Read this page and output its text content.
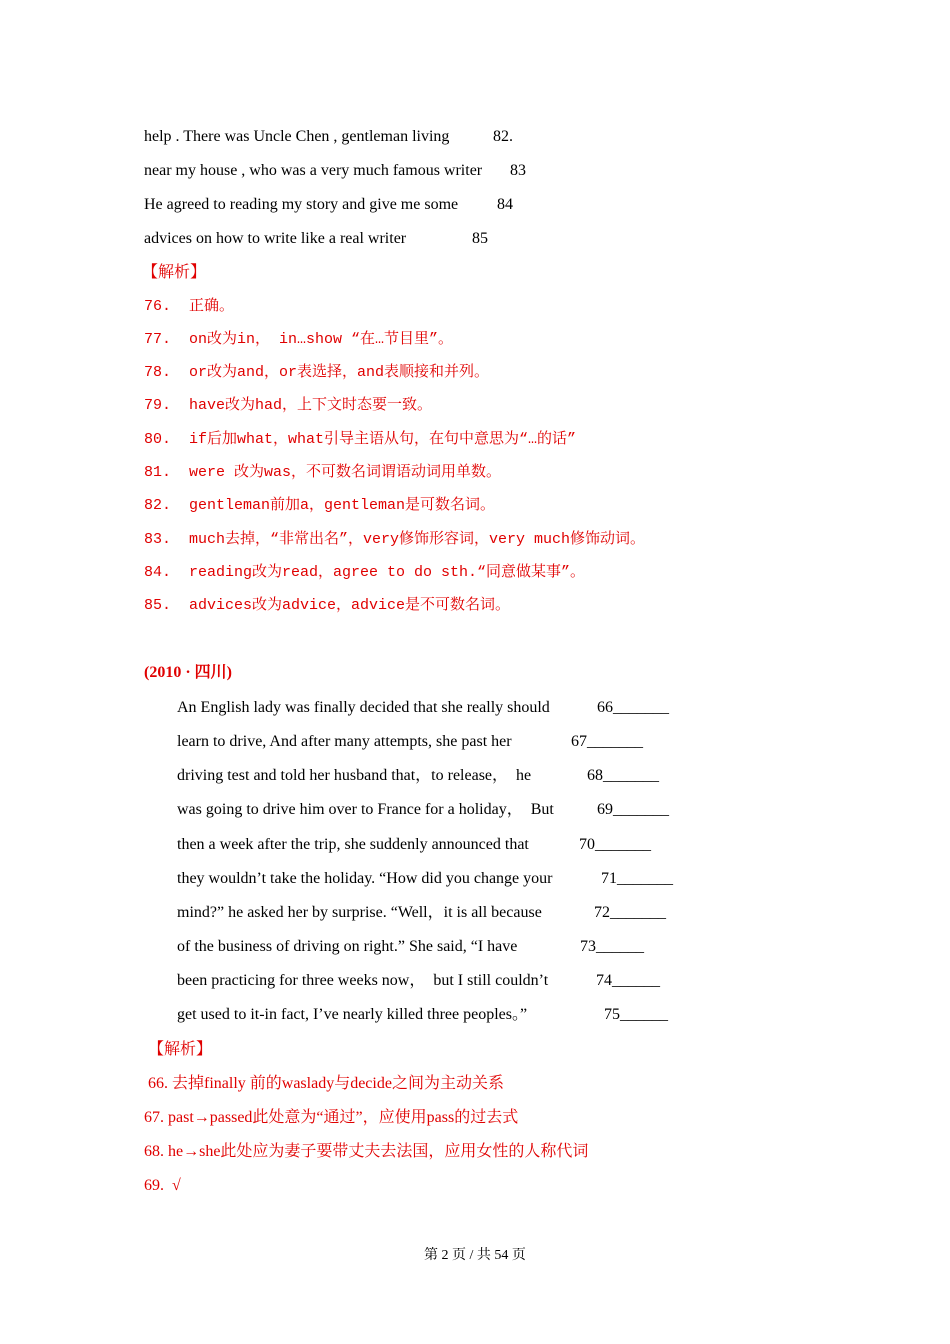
help . There was Uncle Chen , gentleman living	82.
near my house , who was a very much famous writer 83
He agreed to reading my story and give me some 84
advices on how to write like a real writer	85
【解析】
76.  正确。
77.  on改为in， in…show “在…节目里”。
78.  or改为and，or表选择，and表顺接和并列。
79.  have改为had，上下文时态要一致。
80.  if后加what，what引导主语从句，在句中意思为“…的话”
81.  were 改为was，不可数名词谓语动词用单数。
82.  gentleman前加a，gentleman是可数名词。
83.  much去掉，“非常出名”，very修饰形容词，very much修饰动词。
84.  reading改为read，agree to do sth.“同意做某事”。
85.  advices改为advice，advice是不可数名词。
(2010 · 四川)
An English lady was finally decided that she really should	66_______
learn to drive, And after many attempts, she past her	67_______
driving test and told her husband that，to release，  he	68_______
was going to drive him over to France for a holiday，  But	69_______
then a week after the trip, she suddenly announced that	70_______
they wouldn’t take the holiday. “How did you change your	71_______
mind?” he asked her by surprise. “Well，it is all because	72_______
of the business of driving on right.” She said, “I have	73______
been practicing for three weeks now，  but I still couldn’t	74______
get used to it-in fact, I’ve nearly killed three peoples。”	75______
【解析】
66. 去掉finally 前的waslady与decide之间为主动关系
67. past→passed此处意为“通过”，应使用pass的过去式
68. he→she此处应为妻子要带丈夫去法国，应用女性的人称代词
69.  √
第 2 页 / 共 54 页
